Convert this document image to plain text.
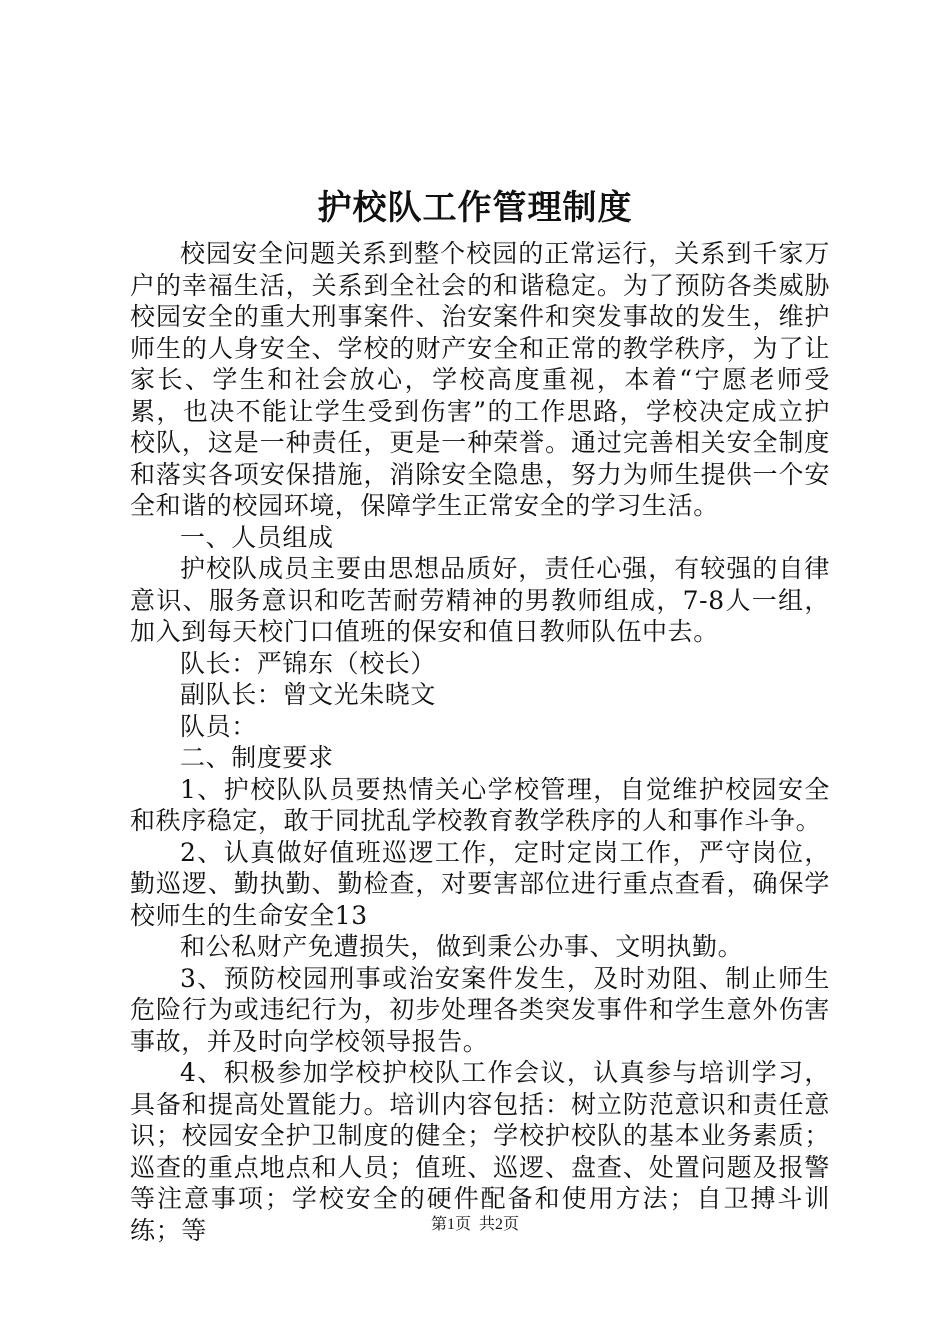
护校队工作管理制度

校园安全问题关系到整个校园的正常运行，关系到千家万户的幸福生活，关系到全社会的和谐稳定。为了预防各类威胁校园安全的重大刑事案件、治安案件和突发事故的发生，维护师生的人身安全、学校的财产安全和正常的教学秩序，为了让家长、学生和社会放心，学校高度重视，本着“宁愿老师受累，也决不能让学生受到伤害”的工作思路，学校决定成立护校队，这是一种责任，更是一种荣誉。通过完善相关安全制度和落实各项安保措施，消除安全隐患，努力为师生提供一个安全和谐的校园环境，保障学生正常安全的学习生活。

一、人员组成

护校队成员主要由思想品质好，责任心强，有较强的自律意识、服务意识和吃苦耐劳精神的男教师组成，7-8人一组，加入到每天校门口值班的保安和值日教师队伍中去。

队长：严锦东（校长）

副队长：曾文光朱晓文

队员：

二、制度要求

1、护校队队员要热情关心学校管理，自觉维护校园安全和秩序稳定，敢于同扰乱学校教育教学秩序的人和事作斗争。

2、认真做好值班巡逻工作，定时定岗工作，严守岗位，勤巡逻、勤执勤、勤检查，对要害部位进行重点查看，确保学校师生的生命安全13

和公私财产免遭损失，做到秉公办事、文明执勤。

3、预防校园刑事或治安案件发生，及时劝阻、制止师生危险行为或违纪行为，初步处理各类突发事件和学生意外伤害事故，并及时向学校领导报告。

4、积极参加学校护校队工作会议，认真参与培训学习，具备和提高处置能力。培训内容包括：树立防范意识和责任意识；校园安全护卫制度的健全；学校护校队的基本业务素质；巡查的重点地点和人员；值班、巡逻、盘查、处置问题及报警等注意事项；学校安全的硬件配备和使用方法；自卫搏斗训练；等	第1页 共2页
